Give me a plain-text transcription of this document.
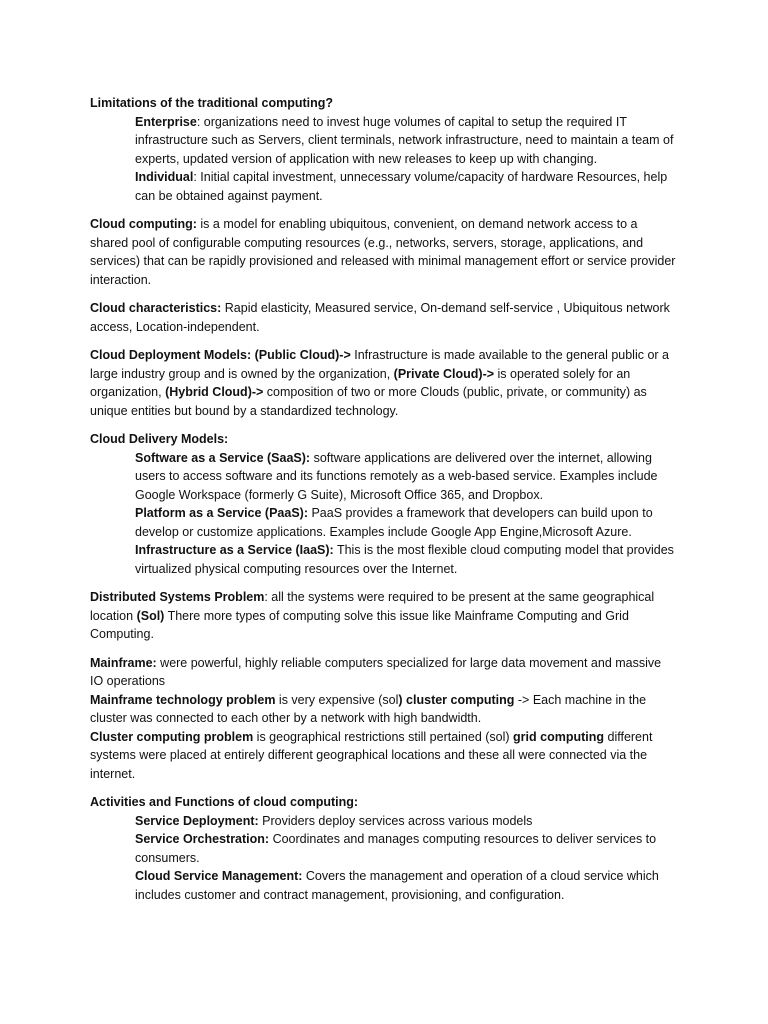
Limitations of the traditional computing?

Enterprise: organizations need to invest huge volumes of capital to setup the required IT infrastructure such as Servers, client terminals, network infrastructure, need to maintain a team of experts, updated version of application with new releases to keep up with changing.

Individual: Initial capital investment, unnecessary volume/capacity of hardware Resources, help can be obtained against payment.

Cloud computing: is a model for enabling ubiquitous, convenient, on demand network access to a shared pool of configurable computing resources (e.g., networks, servers, storage, applications, and services) that can be rapidly provisioned and released with minimal management effort or service provider interaction.

Cloud characteristics: Rapid elasticity, Measured service, On-demand self-service , Ubiquitous network access, Location-independent.

Cloud Deployment Models: (Public Cloud)-> Infrastructure is made available to the general public or a large industry group and is owned by the organization, (Private Cloud)-> is operated solely for an organization, (Hybrid Cloud)-> composition of two or more Clouds (public, private, or community) as unique entities but bound by a standardized technology.

Cloud Delivery Models:

Software as a Service (SaaS): software applications are delivered over the internet, allowing users to access software and its functions remotely as a web-based service. Examples include Google Workspace (formerly G Suite), Microsoft Office 365, and Dropbox.

Platform as a Service (PaaS): PaaS provides a framework that developers can build upon to develop or customize applications. Examples include Google App Engine,Microsoft Azure.

Infrastructure as a Service (IaaS): This is the most flexible cloud computing model that provides virtualized physical computing resources over the Internet.

Distributed Systems Problem: all the systems were required to be present at the same geographical location (Sol) There more types of computing solve this issue like Mainframe Computing and Grid Computing.

Mainframe: were powerful, highly reliable computers specialized for large data movement and massive IO operations

Mainframe technology problem is very expensive (sol) cluster computing -> Each machine in the cluster was connected to each other by a network with high bandwidth.

Cluster computing problem is geographical restrictions still pertained (sol) grid computing different systems were placed at entirely different geographical locations and these all were connected via the internet.

Activities and Functions of cloud computing:

Service Deployment: Providers deploy services across various models

Service Orchestration: Coordinates and manages computing resources to deliver services to consumers.

Cloud Service Management: Covers the management and operation of a cloud service which includes customer and contract management, provisioning, and configuration.
